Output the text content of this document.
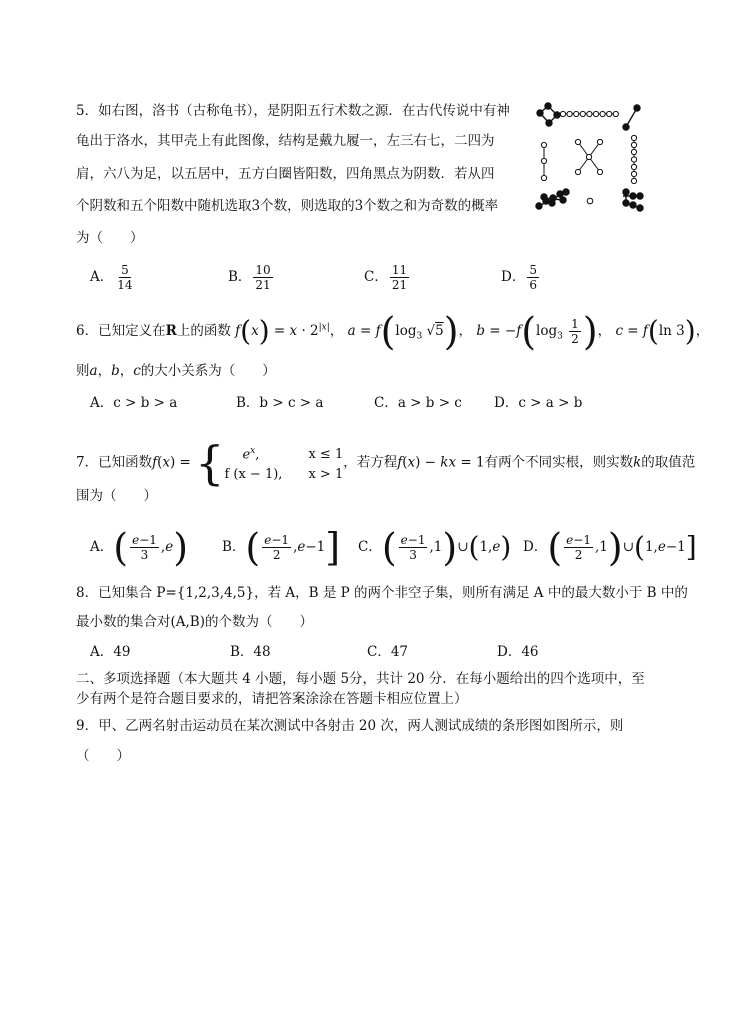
5．如右图，洛书（古称龟书），是阴阳五行术数之源．在古代传说中有神
龟出于洛水，其甲壳上有此图像，结构是戴九履一，左三右七，二四为
肩，六八为足，以五居中，五方白圈皆阳数，四角黑点为阴数．若从四
个阴数和五个阳数中随机选取3个数，则选取的3个数之和为奇数的概率
为（　　）
A． $\frac{5}{14}$	B． $\frac{10}{21}$	C． $\frac{11}{21}$	D． $\frac{5}{6}$
6．已知定义在R上的函数 $f(x) = x \cdot 2^{|x|}$， $a = f(\log_3$ √5)， $b = -f(\log_3 \frac{1}{2}$ )， c = f(ln 3)，
则a，b，c的大小关系为（　　）
A．c > b > a	B．b > c > a	C．a > b > c D．c > a > b
7．已知函数f(x) = {	$e^x$,	x ≤ 1
f (x − 1), x > 1
，若方程f(x) − kx = 1有两个不同实根，则实数k的取值范
围为（　　）
A．( $\frac{e-1}{3} ,e$)	B．( $\frac{e-1}{2} ,e-1$] C．( $\frac{e-1}{3}$ ,1)∪(1,e) D．( $\frac{e-1}{2}$ ,1)∪(1,e−1]
8．已知集合 P={1,2,3,4,5}，若 A，B 是 P 的两个非空子集，则所有满足 A 中的最大数小于 B 中的
最小数的集合对(A,B)的个数为（　　）
A．49	B．48	C．47	D．46
二、多项选择题（本大题共 4 小题，每小题 5分，共计 20 分．在每小题给出的四个选项中，至
少有两个是符合题目要求的，请把答案涂涂在答题卡相应位置上）
9．甲、乙两名射击运动员在某次测试中各射击 20 次，两人测试成绩的条形图如图所示，则
（　　）
